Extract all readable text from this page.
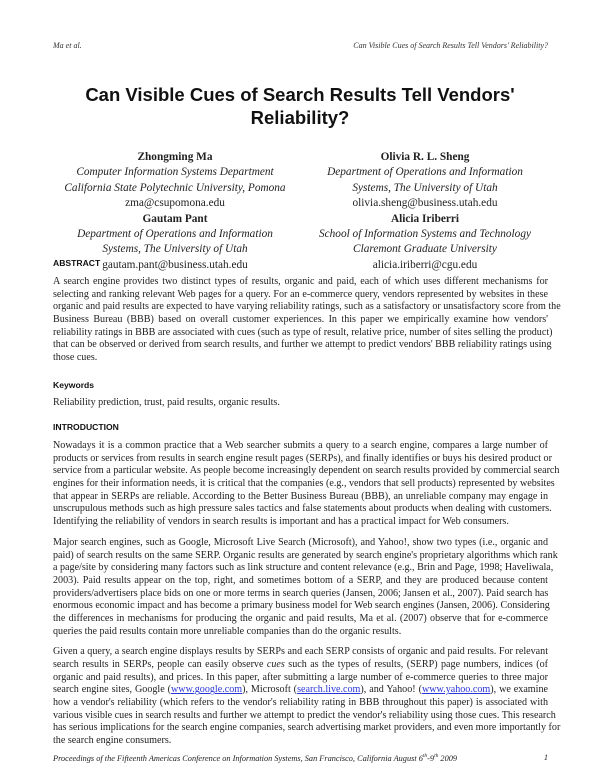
Ma et al.	Can Visible Cues of Search Results Tell Vendors' Reliability?
Can Visible Cues of Search Results Tell Vendors'
Reliability?
Zhongming Ma
Computer Information Systems Department
California State Polytechnic University, Pomona
zma@csupomona.edu
Gautam Pant
Department of Operations and Information
Systems, The University of Utah
gautam.pant@business.utah.edu
Olivia R. L. Sheng
Department of Operations and Information
Systems, The University of Utah
olivia.sheng@business.utah.edu
Alicia Iriberri
School of Information Systems and Technology
Claremont Graduate University
alicia.iriberri@cgu.edu
ABSTRACT
A search engine provides two distinct types of results, organic and paid, each of which uses different mechanisms for
selecting and ranking relevant Web pages for a query. For an e-commerce query, vendors represented by websites in these
organic and paid results are expected to have varying reliability ratings, such as a satisfactory or unsatisfactory score from the
Business Bureau (BBB) based on overall customer experiences. In this paper we empirically examine how vendors'
reliability ratings in BBB are associated with cues (such as type of result, relative price, number of sites selling the product)
that can be observed or derived from search results, and further we attempt to predict vendors' BBB reliability ratings using
those cues.
Keywords
Reliability prediction, trust, paid results, organic results.
INTRODUCTION
Nowadays it is a common practice that a Web searcher submits a query to a search engine, compares a large number of
products or services from results in search engine result pages (SERPs), and finally identifies or buys his desired product or
service from a particular website. As people become increasingly dependent on search results provided by commercial search
engines for their information needs, it is critical that the companies (e.g., vendors that sell products) represented by websites
that appear in SERPs are reliable. According to the Better Business Bureau (BBB), an unreliable company may engage in
unscrupulous methods such as high pressure sales tactics and false statements about products when dealing with customers.
Identifying the reliability of vendors in search results is important and has a practical impact for Web consumers.
Major search engines, such as Google, Microsoft Live Search (Microsoft), and Yahoo!, show two types (i.e., organic and
paid) of search results on the same SERP. Organic results are generated by search engine's proprietary algorithms which rank
a page/site by considering many factors such as link structure and content relevance (e.g., Brin and Page, 1998; Haveliwala,
2003). Paid results appear on the top, right, and sometimes bottom of a SERP, and they are produced because content
providers/advertisers place bids on one or more terms in search queries (Jansen, 2006; Jansen et al., 2007). Paid search has
enormous economic impact and has become a primary business model for Web search engines (Jansen, 2006). Considering
the differences in mechanisms for producing the organic and paid results, Ma et al. (2007) observe that for e-commerce
queries the paid results contain more unreliable companies than do the organic results.
Given a query, a search engine displays results by SERPs and each SERP consists of organic and paid results. For relevant
search results in SERPs, people can easily observe cues such as the types of results, (SERP) page numbers, indices (of
organic and paid results), and prices. In this paper, after submitting a large number of e-commerce queries to three major
search engine sites, Google (www.google.com), Microsoft (search.live.com), and Yahoo! (www.yahoo.com), we examine
how a vendor's reliability (which refers to the vendor's reliability rating in BBB throughout this paper) is associated with
various visible cues in search results and further we attempt to predict the vendor's reliability using those cues. This research
has serious implications for the search engine companies, search advertising market providers, and even more importantly for
the search engine consumers.
Proceedings of the Fifteenth Americas Conference on Information Systems, San Francisco, California August 6th-9th 2009	1
